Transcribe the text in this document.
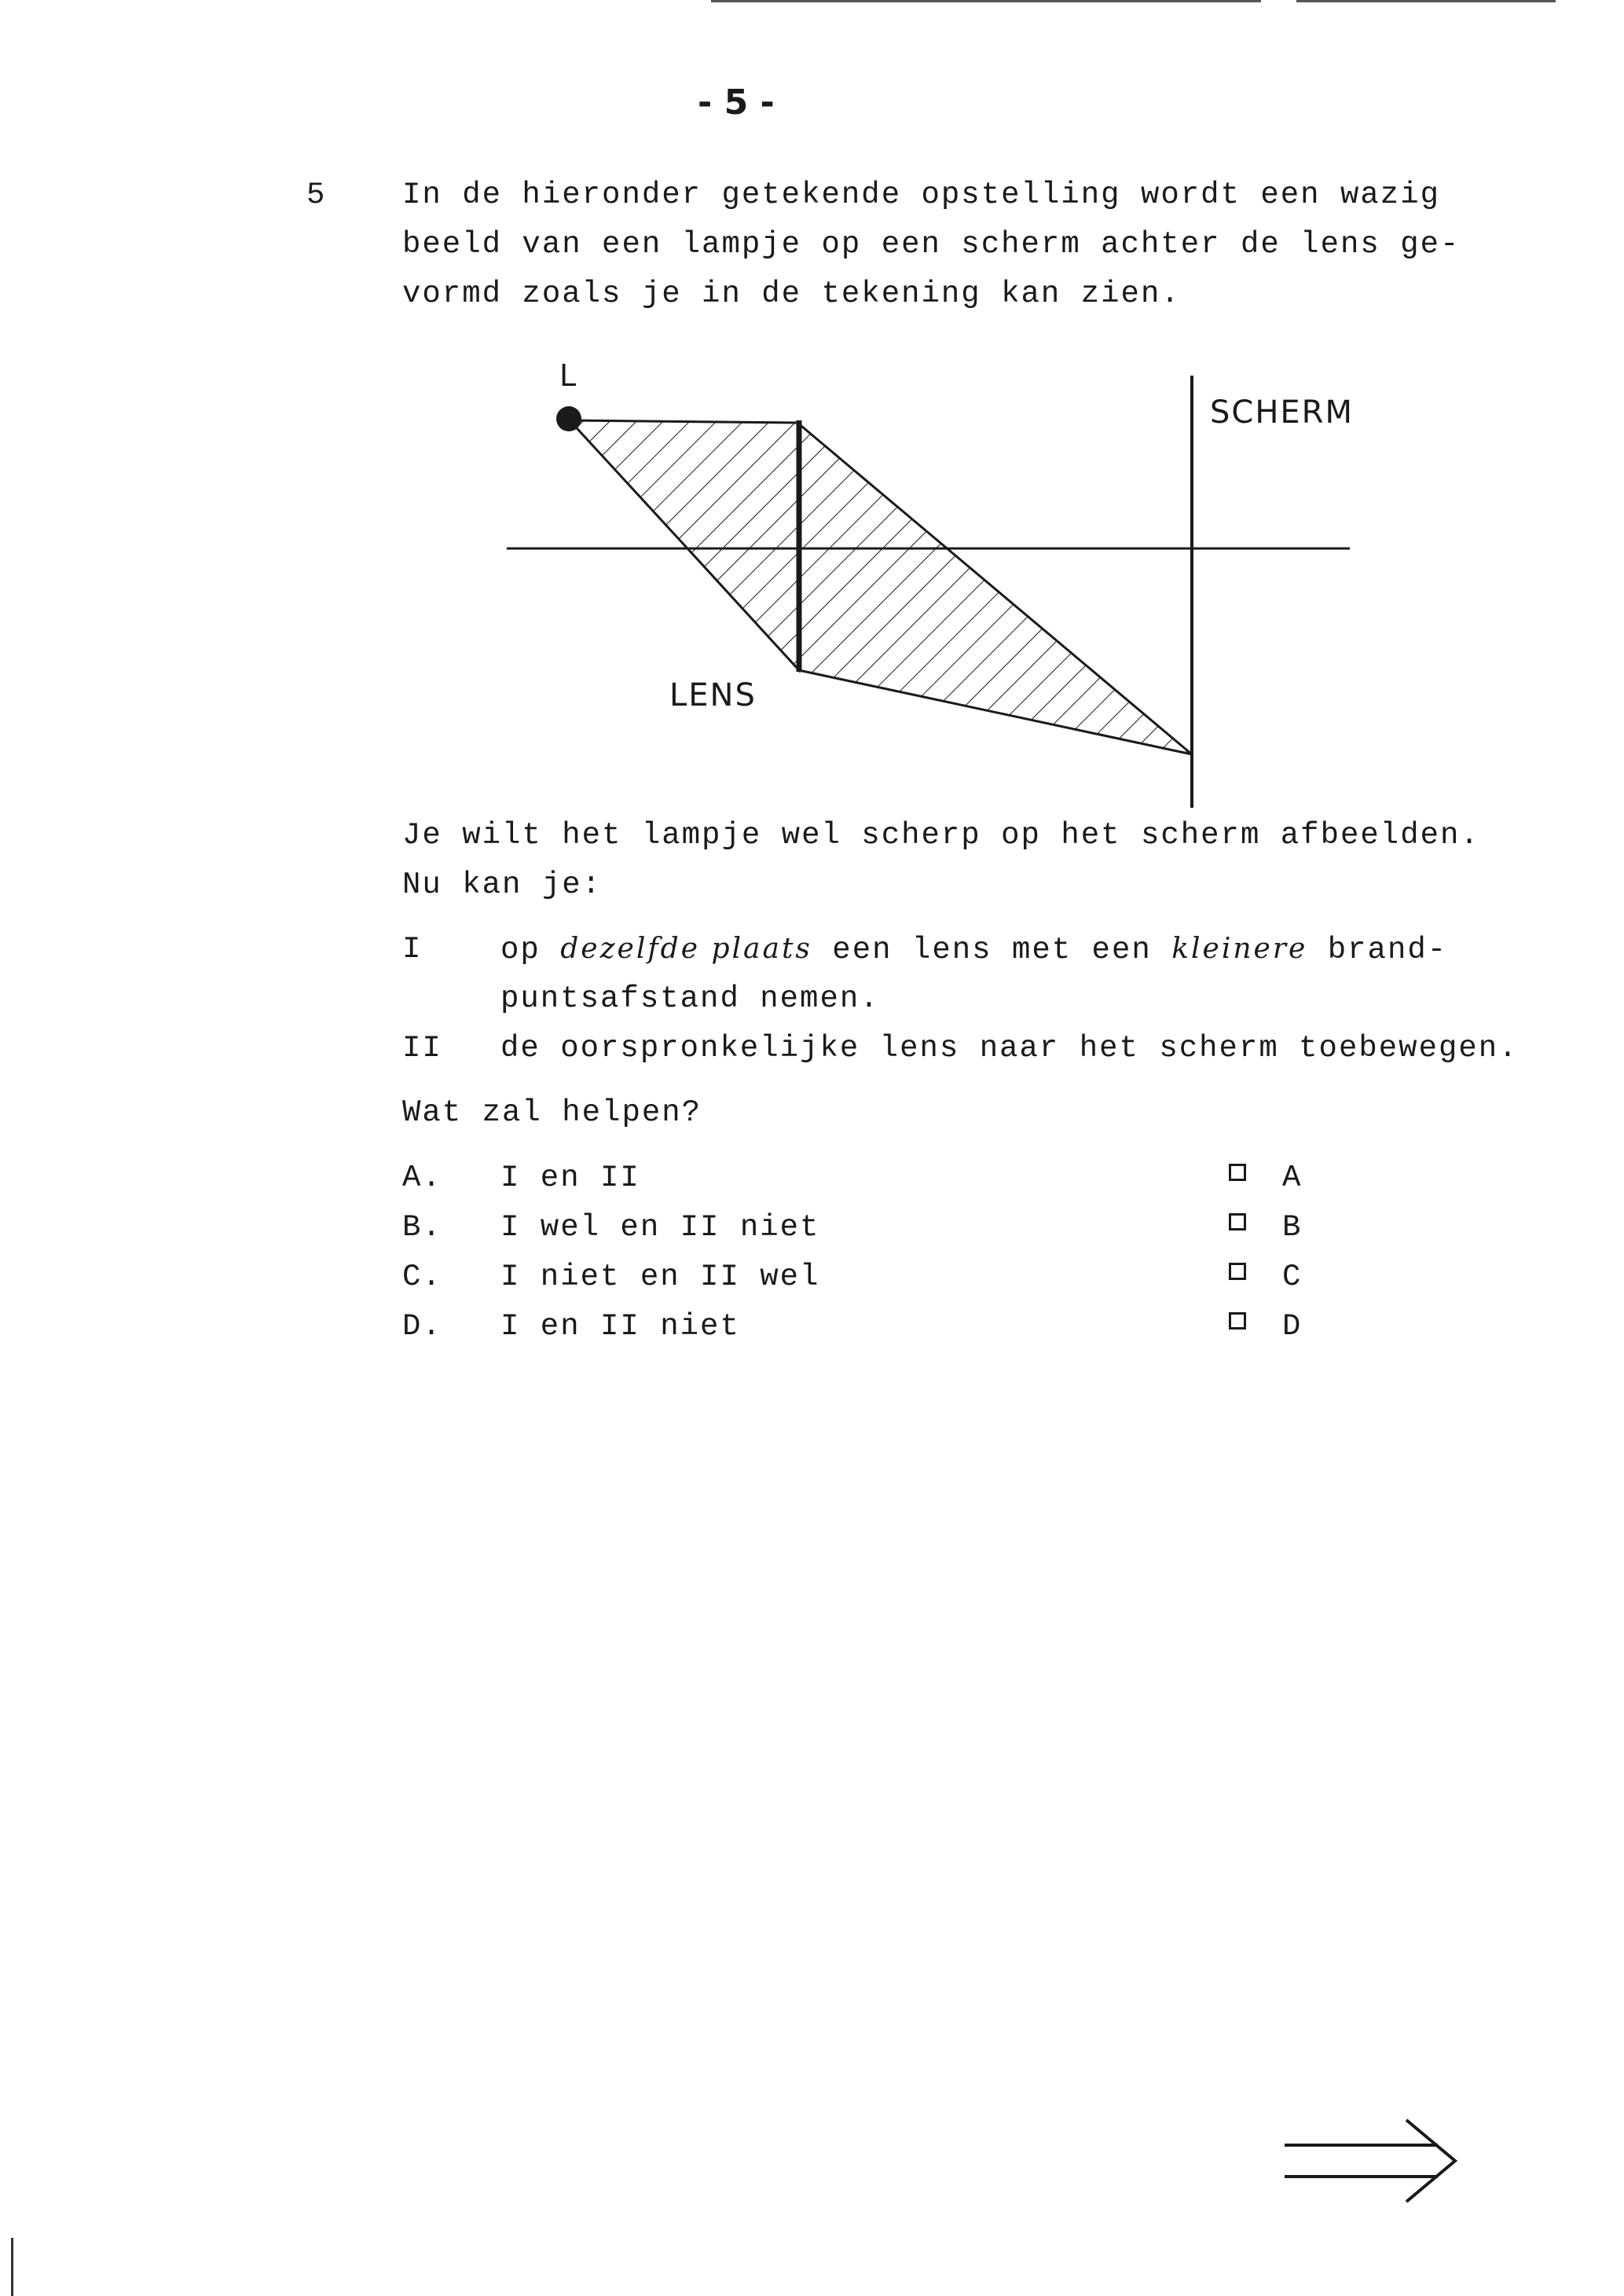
- 5 -
5 In de hieronder getekende opstelling wordt een wazig
beeld van een lampje op een scherm achter de lens ge-
vormd zoals je in de tekening kan zien.
L
LENS
SCHERM
Je wilt het lampje wel scherp op het scherm afbeelden.
Nu kan je:
I	op dezelfde plaats een lens met een kleinere brand-
puntsafstand nemen.
II de oorspronkelijke lens naar het scherm toebewegen.
Wat zal helpen?
A. I en II	A
B. I wel en II niet	B
C. I niet en II wel	C
D. I en II niet	D
